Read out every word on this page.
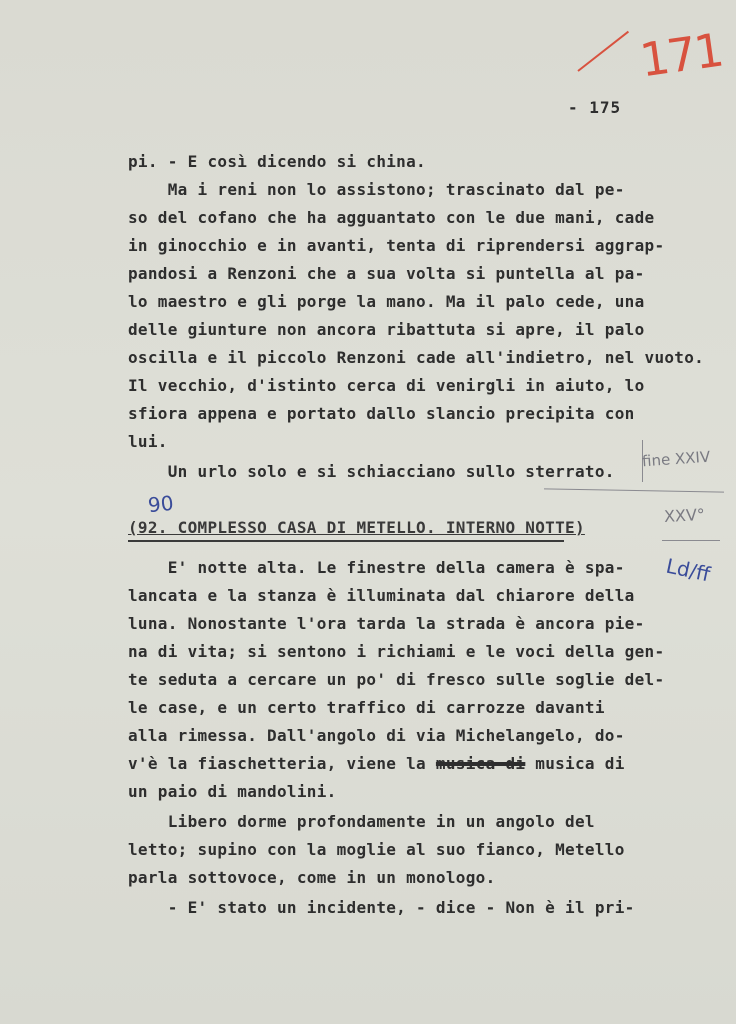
171
- 175
pi. - E così dicendo si china.
Ma i reni non lo assistono; trascinato dal pe-
so del cofano che ha agguantato con le due mani, cade
in ginocchio e in avanti, tenta di riprendersi aggrap-
pandosi a Renzoni che a sua volta si puntella al pa-
lo maestro e gli porge la mano. Ma il palo cede, una
delle giunture non ancora ribattuta si apre, il palo
oscilla e il piccolo Renzoni cade all'indietro, nel vuoto.
Il vecchio, d'istinto cerca di venirgli in aiuto, lo
sfiora appena e portato dallo slancio precipita con
lui.
Un urlo solo e si schiacciano sullo sterrato.
fine XXIV
XXV°
Ld/ff
90
(92. COMPLESSO CASA DI METELLO. INTERNO NOTTE)
E' notte alta. Le finestre della camera è spa-
lancata e la stanza è illuminata dal chiarore della
luna. Nonostante l'ora tarda la strada è ancora pie-
na di vita; si sentono i richiami e le voci della gen-
te seduta a cercare un po' di fresco sulle soglie del-
le case, e un certo traffico di carrozze davanti
alla rimessa. Dall'angolo di via Michelangelo, do-
v'è la fiaschetteria, viene la musica di musica di
un paio di mandolini.
Libero dorme profondamente in un angolo del
letto; supino con la moglie al suo fianco, Metello
parla sottovoce, come in un monologo.
- E' stato un incidente, - dice - Non è il pri-
